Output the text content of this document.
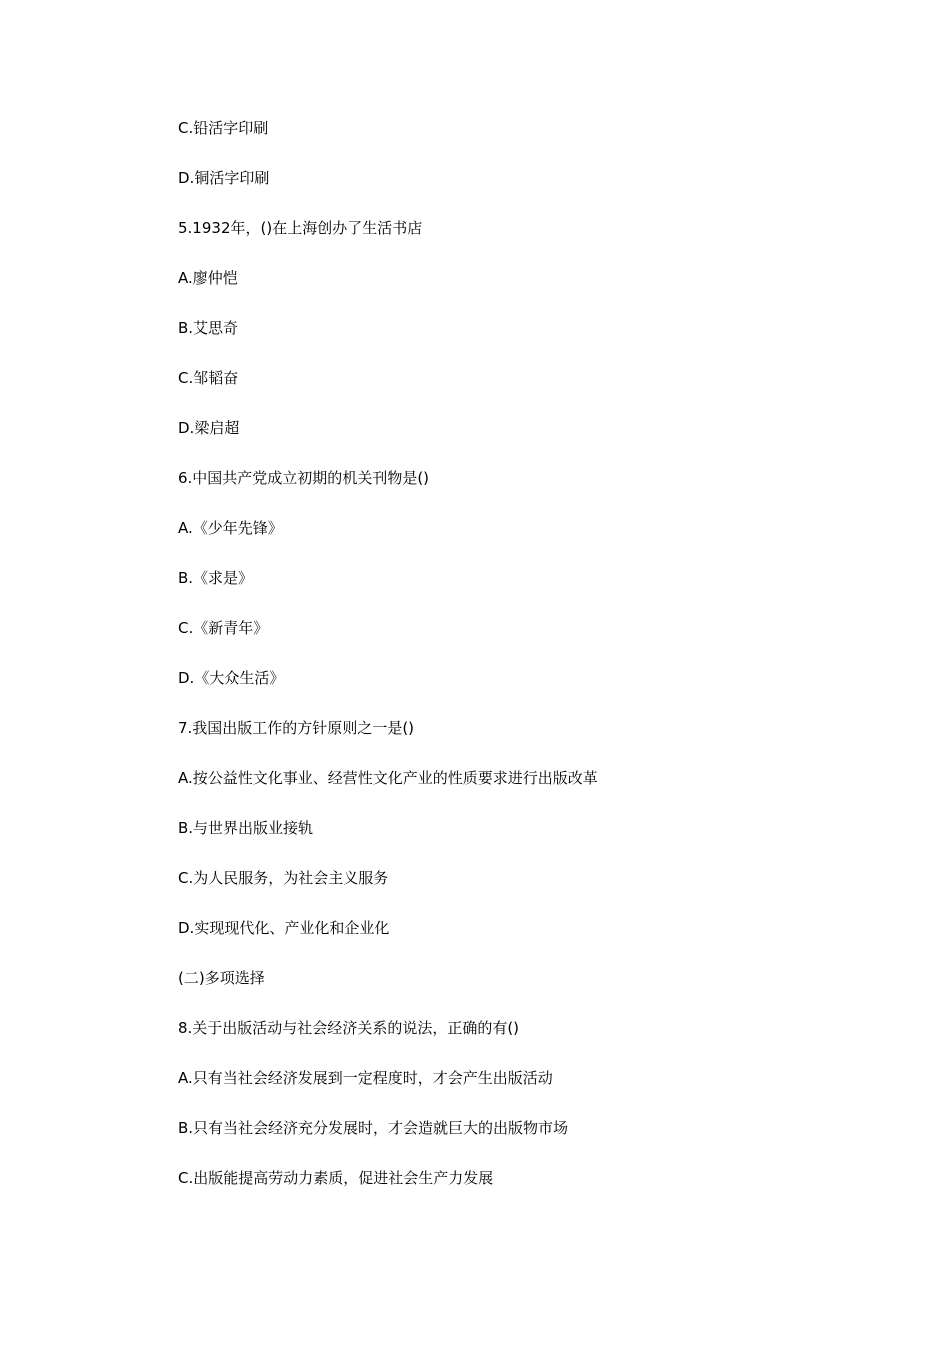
C.铅活字印刷

D.铜活字印刷

5.1932年，()在上海创办了生活书店

A.廖仲恺

B.艾思奇

C.邹韬奋

D.梁启超

6.中国共产党成立初期的机关刊物是()

A.《少年先锋》

B.《求是》

C.《新青年》

D.《大众生活》

7.我国出版工作的方针原则之一是()

A.按公益性文化事业、经营性文化产业的性质要求进行出版改革

B.与世界出版业接轨

C.为人民服务，为社会主义服务

D.实现现代化、产业化和企业化

(二)多项选择

8.关于出版活动与社会经济关系的说法，正确的有()

A.只有当社会经济发展到一定程度时，才会产生出版活动

B.只有当社会经济充分发展时，才会造就巨大的出版物市场

C.出版能提高劳动力素质，促进社会生产力发展
